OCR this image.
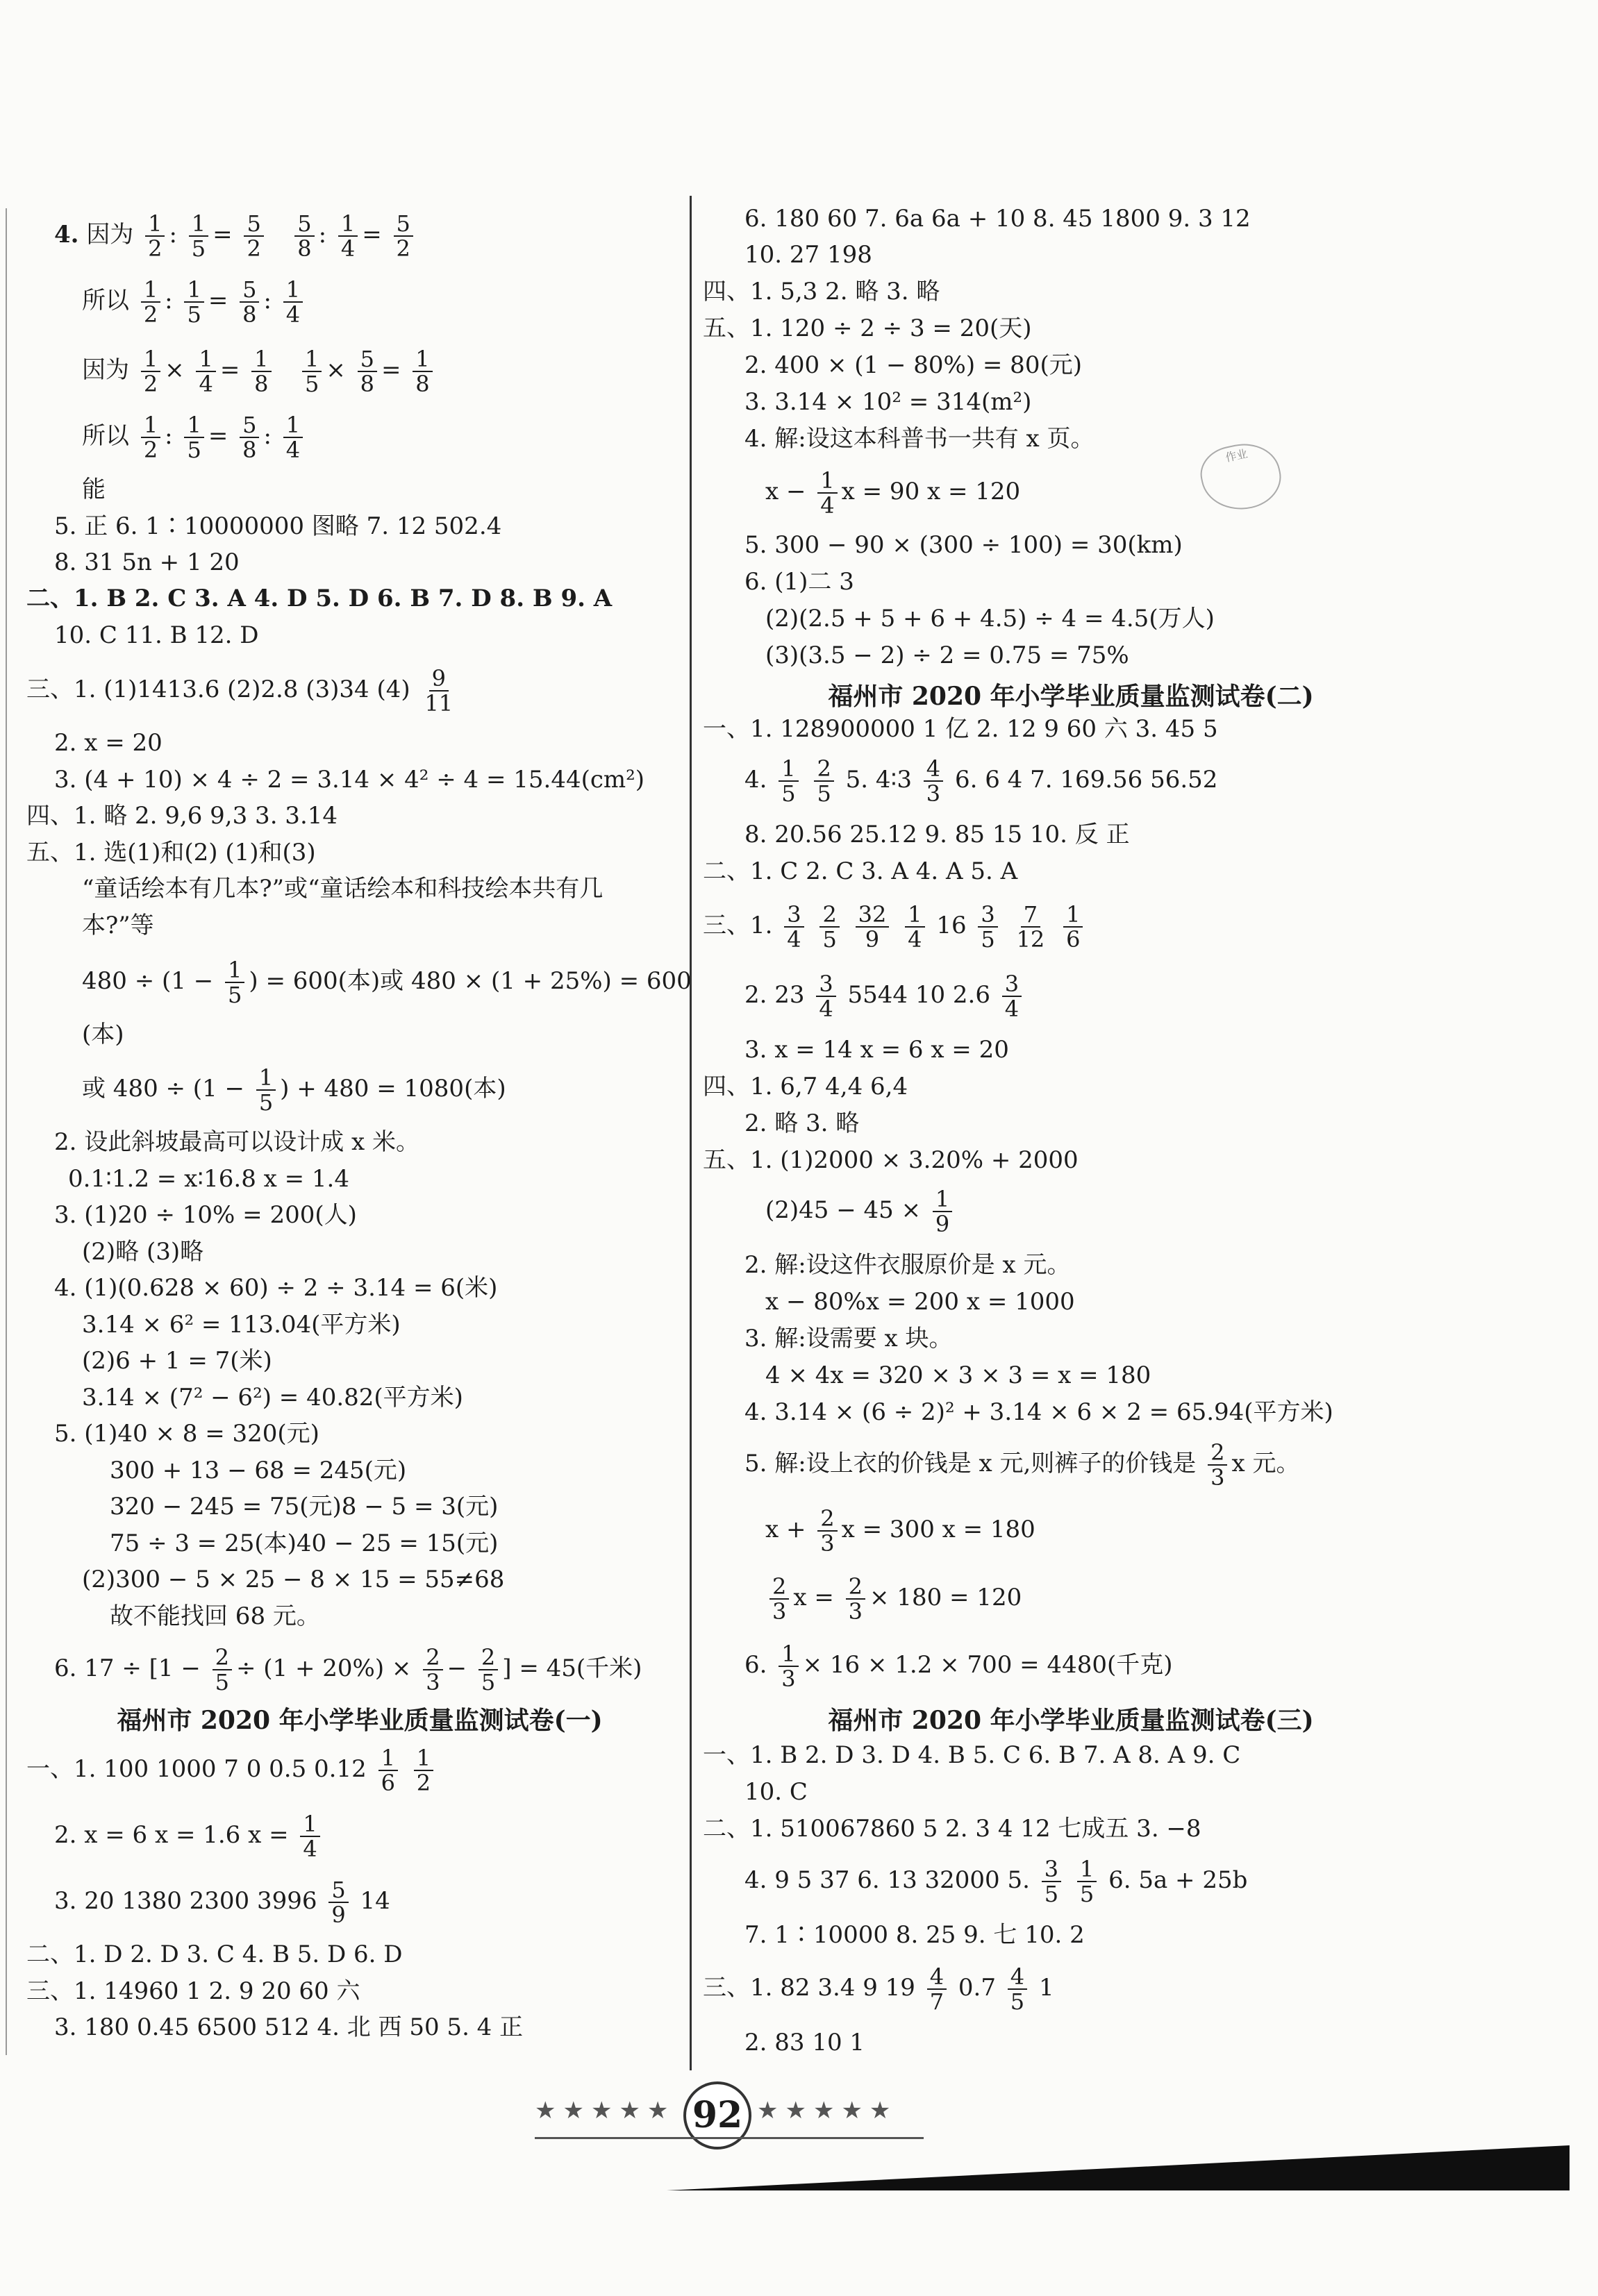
4. 因为 $\frac{1}{2}$ : $\frac{1}{5} = \frac{5}{2}$
$\frac{5}{8}$ : $\frac{1}{4} = \frac{5}{2}$
所以 $\frac{1}{2}$ : $\frac{1}{5} = \frac{5}{8}$ : $\frac{1}{4}$
因为 $\frac{1}{2} \times \frac{1}{4} = \frac{1}{8}$
$\frac{1}{5} \times \frac{5}{8} = \frac{1}{8}$
所以 $\frac{1}{2}$ : $\frac{1}{5} = \frac{5}{8}$ : $\frac{1}{4}$
能
5. 正 6. 1∶10000000 图略 7. 12 502.4
8. 31 5n + 1 20
二、1. B 2. C 3. A 4. D 5. D 6. B 7. D 8. B 9. A
10. C 11. B 12. D
三、1. (1)1413.6 (2)2.8 (3)34 $(4) \frac{9}{11}$
2. x = 20
3. (4 + 10) × 4 ÷ 2 = 3.14 × 4² ÷ 4 = 15.44(cm²)
四、1. 略 2. 9,6 9,3 3. 3.14
五、1. 选(1)和(2) (1)和(3)
“童话绘本有几本?”或“童话绘本和科技绘本共有几
本?”等
$480 \div (1 - \frac{1}{5}$ ) = 600(本)或 480 × (1 + 25%) = 600
(本)
或 $480 \div (1 - \frac{1}{5}$ ) + 480 = 1080(本)
2. 设此斜坡最高可以设计成 x 米。
0.1∶1.2 = x∶16.8 x = 1.4
3. (1)20 ÷ 10% = 200(人)
(2)略 (3)略
4. (1)(0.628 × 60) ÷ 2 ÷ 3.14 = 6(米)
3.14 × 6² = 113.04(平方米)
(2)6 + 1 = 7(米)
3.14 × (7² − 6²) = 40.82(平方米)
5. (1)40 × 8 = 320(元)
300 + 13 − 68 = 245(元)
320 − 245 = 75(元)8 − 5 = 3(元)
75 ÷ 3 = 25(本)40 − 25 = 15(元)
(2)300 − 5 × 25 − 8 × 15 = 55≠68
故不能找回 68 元。
6. $17 \div [1 - \frac{2}{5} \div (1 + 20\%) \times \frac{2}{3} - \frac{2}{5}$ ] = 45(千米)
福州市 2020 年小学毕业质量监测试卷(一)
一、1. 100 1000 7 0 0.5 $0.12 \frac{1}{6}$
$\frac{1}{2}$
2. x = 6 x = 1.6 $x = \frac{1}{4}$
3. 20 1380 2300 $3996 \frac{5}{9} 14$
二、1. D 2. D 3. C 4. B 5. D 6. D
三、1. 14960 1 2. 9 20 60 六
3. 180 0.45 6500 512 4. 北 西 50 5. 4 正
6. 180 60 7. 6a 6a + 10 8. 45 1800 9. 3 12
10. 27 198
四、1. 5,3 2. 略 3. 略
五、1. 120 ÷ 2 ÷ 3 = 20(天)
2. 400 × (1 − 80%) = 80(元)
3. 3.14 × 10² = 314(m²)
4. 解:设这本科普书一共有 x 页。
$x - \frac{1}{4}$ x = 90 x = 120
5. 300 − 90 × (300 ÷ 100) = 30(km)
6. (1)二 3
(2)(2.5 + 5 + 6 + 4.5) ÷ 4 = 4.5(万人)
(3)(3.5 − 2) ÷ 2 = 0.75 = 75%
福州市 2020 年小学毕业质量监测试卷(二)
一、1. 128900000 1 亿 2. 12 9 60 六 3. 45 5
4. $\frac{1}{5}$
$\frac{2}{5} 5$. 4∶3 $\frac{4}{3} 6$. 6 4 7. 169.56 56.52
8. 20.56 25.12 9. 85 15 10. 反 正
二、1. C 2. C 3. A 4. A 5. A
三、1. $\frac{3}{4}$
$\frac{2}{5}$
$\frac{32}{9}$
$\frac{1}{4} 16 \frac{3}{5}$
$\frac{7}{12}$
$\frac{1}{6}$
2. $23 \frac{3}{4} 5544$ 10 $2.6 \frac{3}{4}$
3. x = 14 x = 6 x = 20
四、1. 6,7 4,4 6,4
2. 略 3. 略
五、1. (1)2000 × 3.20% + 2000
$(2)45 - 45 \times \frac{1}{9}$
2. 解:设这件衣服原价是 x 元。
x − 80%x = 200 x = 1000
3. 解:设需要 x 块。
4 × 4x = 320 × 3 × 3 = x = 180
4. 3.14 × (6 ÷ 2)² + 3.14 × 6 × 2 = 65.94(平方米)
5. 解:设上衣的价钱是 x 元,则裤子的价钱是 $\frac{2}{3}$ x 元。
$x + \frac{2}{3}$ x = 300 x = 180
$\frac{2}{3}$ $x = \frac{2}{3} \times 180 = 120$
6. $\frac{1}{3} \times 16 \times 1.2 \times 700 = 4480$(千克)
福州市 2020 年小学毕业质量监测试卷(三)
一、1. B 2. D 3. D 4. B 5. C 6. B 7. A 8. A 9. C
10. C
二、1. 510067860 5 2. 3 4 12 七成五 3. −8
4. 9 5 37 6. 13 32000 5. $\frac{3}{5}$
$\frac{1}{5} 6$. 5a + 25b
7. 1∶10000 8. 25 9. 七 10. 2
三、1. 82 3.4 9 $19 \frac{4}{7} 0.7 \frac{4}{5} 1$
2. 83 10 1
作业
★★★★★ 92 ★★★★★
